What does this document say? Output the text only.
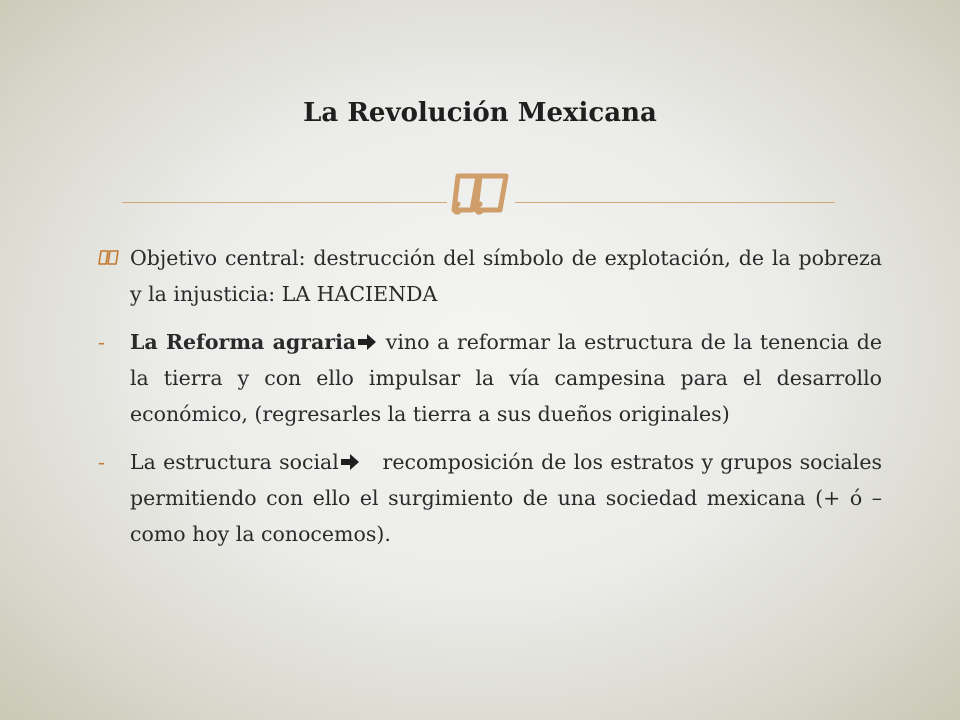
La Revolución Mexicana

Objetivo central: destrucción del símbolo de explotación, de la pobreza y la injusticia: LA HACIENDA

- La Reforma agraria vino a reformar la estructura de la tenencia de la tierra y con ello impulsar la vía campesina para el desarrollo económico, (regresarles la tierra a sus dueños originales)

- La estructura social   recomposición de los estratos y grupos sociales permitiendo con ello el surgimiento de una sociedad mexicana (+ ó – como hoy la conocemos).
